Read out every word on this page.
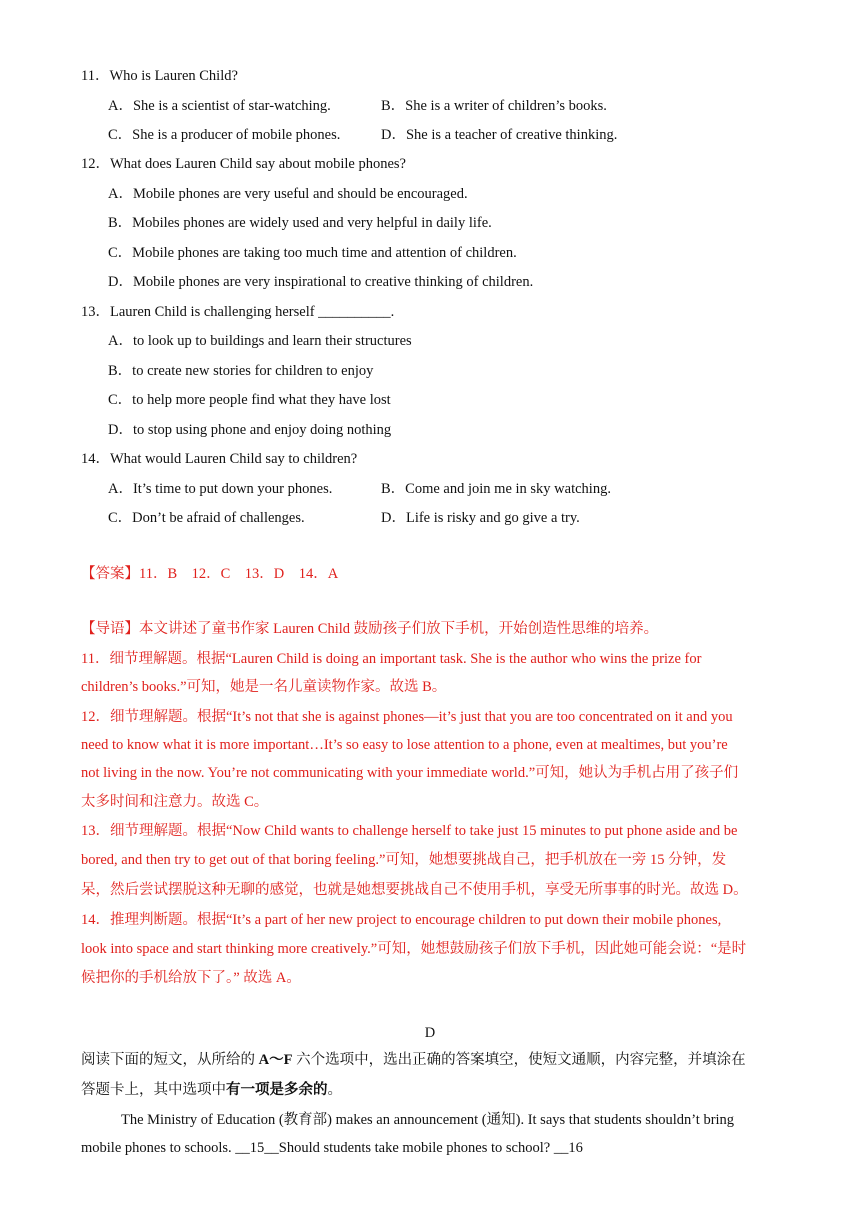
11．Who is Lauren Child?
A．She is a scientist of star-watching.	B．She is a writer of children’s books.
C．She is a producer of mobile phones.	D．She is a teacher of creative thinking.
12．What does Lauren Child say about mobile phones?
A．Mobile phones are very useful and should be encouraged.
B．Mobiles phones are widely used and very helpful in daily life.
C．Mobile phones are taking too much time and attention of children.
D．Mobile phones are very inspirational to creative thinking of children.
13．Lauren Child is challenging herself __________.
A．to look up to buildings and learn their structures
B．to create new stories for children to enjoy
C．to help more people find what they have lost
D．to stop using phone and enjoy doing nothing
14．What would Lauren Child say to children?
A．It’s time to put down your phones.	B．Come and join me in sky watching.
C．Don’t be afraid of challenges.	D．Life is risky and go give a try.
【答案】11．B    12．C    13．D    14．A
【导语】本文讲述了童书作家 Lauren Child 鼓励孩子们放下手机，开始创造性思维的培养。
11．细节理解题。根据“Lauren Child is doing an important task. She is the author who wins the prize for
children’s books.”可知，她是一名儿童读物作家。故选 B。
12．细节理解题。根据“It’s not that she is against phones—it’s just that you are too concentrated on it and you
need to know what it is more important…It’s so easy to lose attention to a phone, even at mealtimes, but you’re
not living in the now. You’re not communicating with your immediate world.”可知，她认为手机占用了孩子们
太多时间和注意力。故选 C。
13．细节理解题。根据“Now Child wants to challenge herself to take just 15 minutes to put phone aside and be
bored, and then try to get out of that boring feeling.”可知，她想要挑战自己，把手机放在一旁 15 分钟，发
呆，然后尝试摆脱这种无聊的感觉，也就是她想要挑战自己不使用手机，享受无所事事的时光。故选 D。
14．推理判断题。根据“It’s a part of her new project to encourage children to put down their mobile phones,
look into space and start thinking more creatively.”可知，她想鼓励孩子们放下手机，因此她可能会说：“是时
候把你的手机给放下了。” 故选 A。
D
阅读下面的短文，从所给的 A～F 六个选项中，选出正确的答案填空，使短文通顺，内容完整，并填涂在
答题卡上，其中选项中有一项是多余的。
The Ministry of Education (教育部) makes an announcement (通知). It says that students shouldn’t bring
mobile phones to schools. __15__Should students take mobile phones to school? __16
